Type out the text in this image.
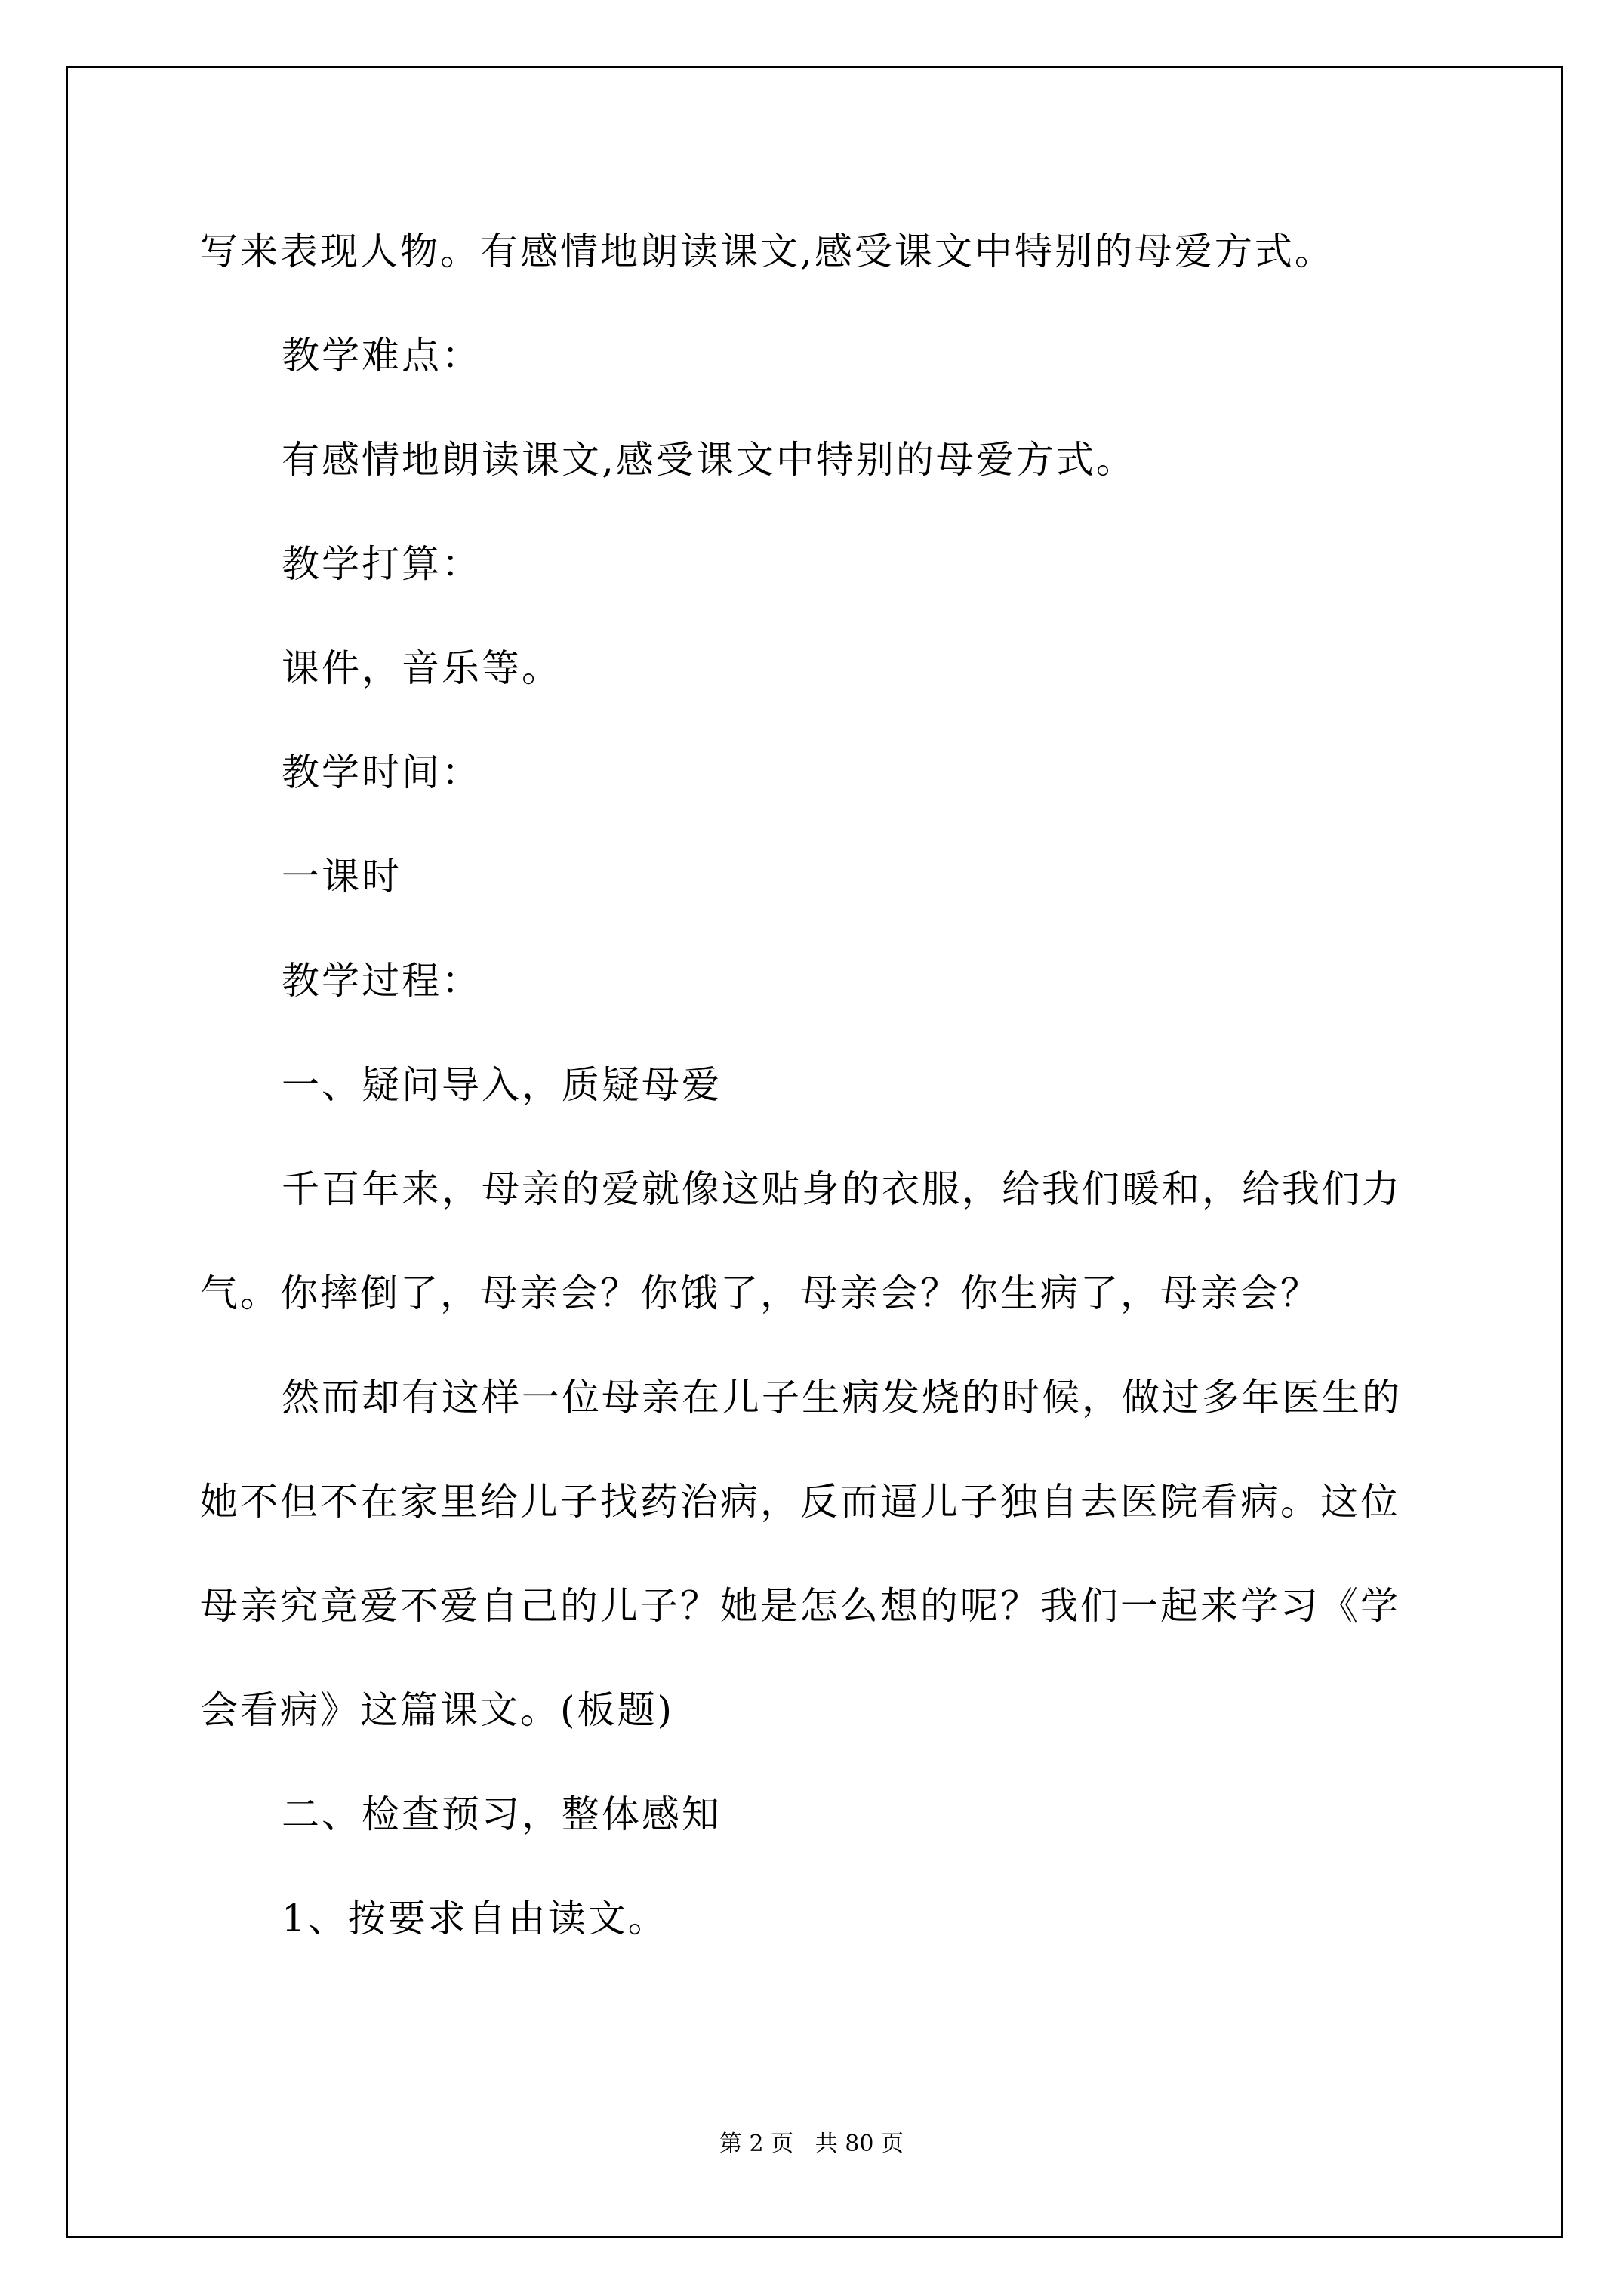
写来表现人物。有感情地朗读课文,感受课文中特别的母爱方式。
教学难点：
有感情地朗读课文,感受课文中特别的母爱方式。
教学打算：
课件，音乐等。
教学时间：
一课时
教学过程：
一、疑问导入，质疑母爱
千百年来，母亲的爱就像这贴身的衣服，给我们暖和，给我们力
气。你摔倒了，母亲会？你饿了，母亲会？你生病了，母亲会？
然而却有这样一位母亲在儿子生病发烧的时候，做过多年医生的
她不但不在家里给儿子找药治病，反而逼儿子独自去医院看病。这位
母亲究竟爱不爱自己的儿子？她是怎么想的呢？我们一起来学习《学
会看病》这篇课文。(板题)
二、检查预习，整体感知
1、按要求自由读文。
第 2 页   共 80 页
